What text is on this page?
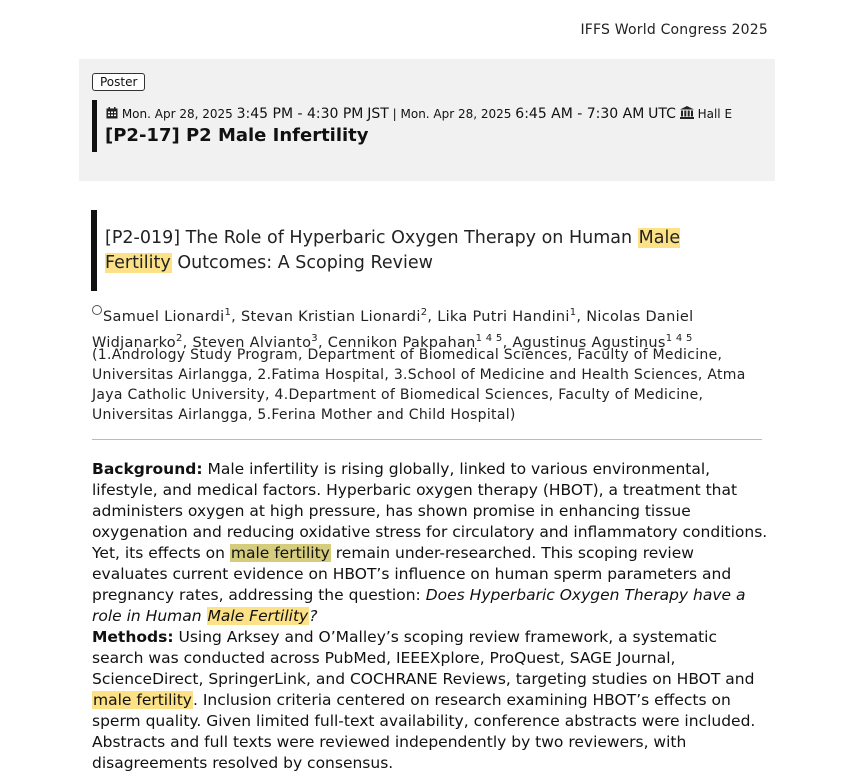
IFFS World Congress 2025
Poster
Mon. Apr 28, 2025 3:45 PM - 4:30 PM JST | Mon. Apr 28, 2025 6:45 AM - 7:30 AM UTC Hall E
[P2-17] P2 Male Infertility
[P2-019] The Role of Hyperbaric Oxygen Therapy on Human Male Fertility Outcomes: A Scoping Review
Samuel Lionardi$^1$, Stevan Kristian Lionardi$^2$, Lika Putri Handini$^1$, Nicolas Daniel Widjanarko$^2$, Steven Alvianto$^3$, Cennikon Pakpahan$^{1 4 5}$, Agustinus Agustinus$^{1 4 5}$
(1.Andrology Study Program, Department of Biomedical Sciences, Faculty of Medicine, Universitas Airlangga, 2.Fatima Hospital, 3.School of Medicine and Health Sciences, Atma Jaya Catholic University, 4.Department of Biomedical Sciences, Faculty of Medicine, Universitas Airlangga, 5.Ferina Mother and Child Hospital)
Background: Male infertility is rising globally, linked to various environmental, lifestyle, and medical factors. Hyperbaric oxygen therapy (HBOT), a treatment that administers oxygen at high pressure, has shown promise in enhancing tissue oxygenation and reducing oxidative stress for circulatory and inflammatory conditions. Yet, its effects on male fertility remain under-researched. This scoping review evaluates current evidence on HBOT’s influence on human sperm parameters and pregnancy rates, addressing the question: Does Hyperbaric Oxygen Therapy have a role in Human Male Fertility?
Methods: Using Arksey and O’Malley’s scoping review framework, a systematic search was conducted across PubMed, IEEEXplore, ProQuest, SAGE Journal, ScienceDirect, SpringerLink, and COCHRANE Reviews, targeting studies on HBOT and male fertility. Inclusion criteria centered on research examining HBOT’s effects on sperm quality. Given limited full-text availability, conference abstracts were included. Abstracts and full texts were reviewed independently by two reviewers, with disagreements resolved by consensus.
